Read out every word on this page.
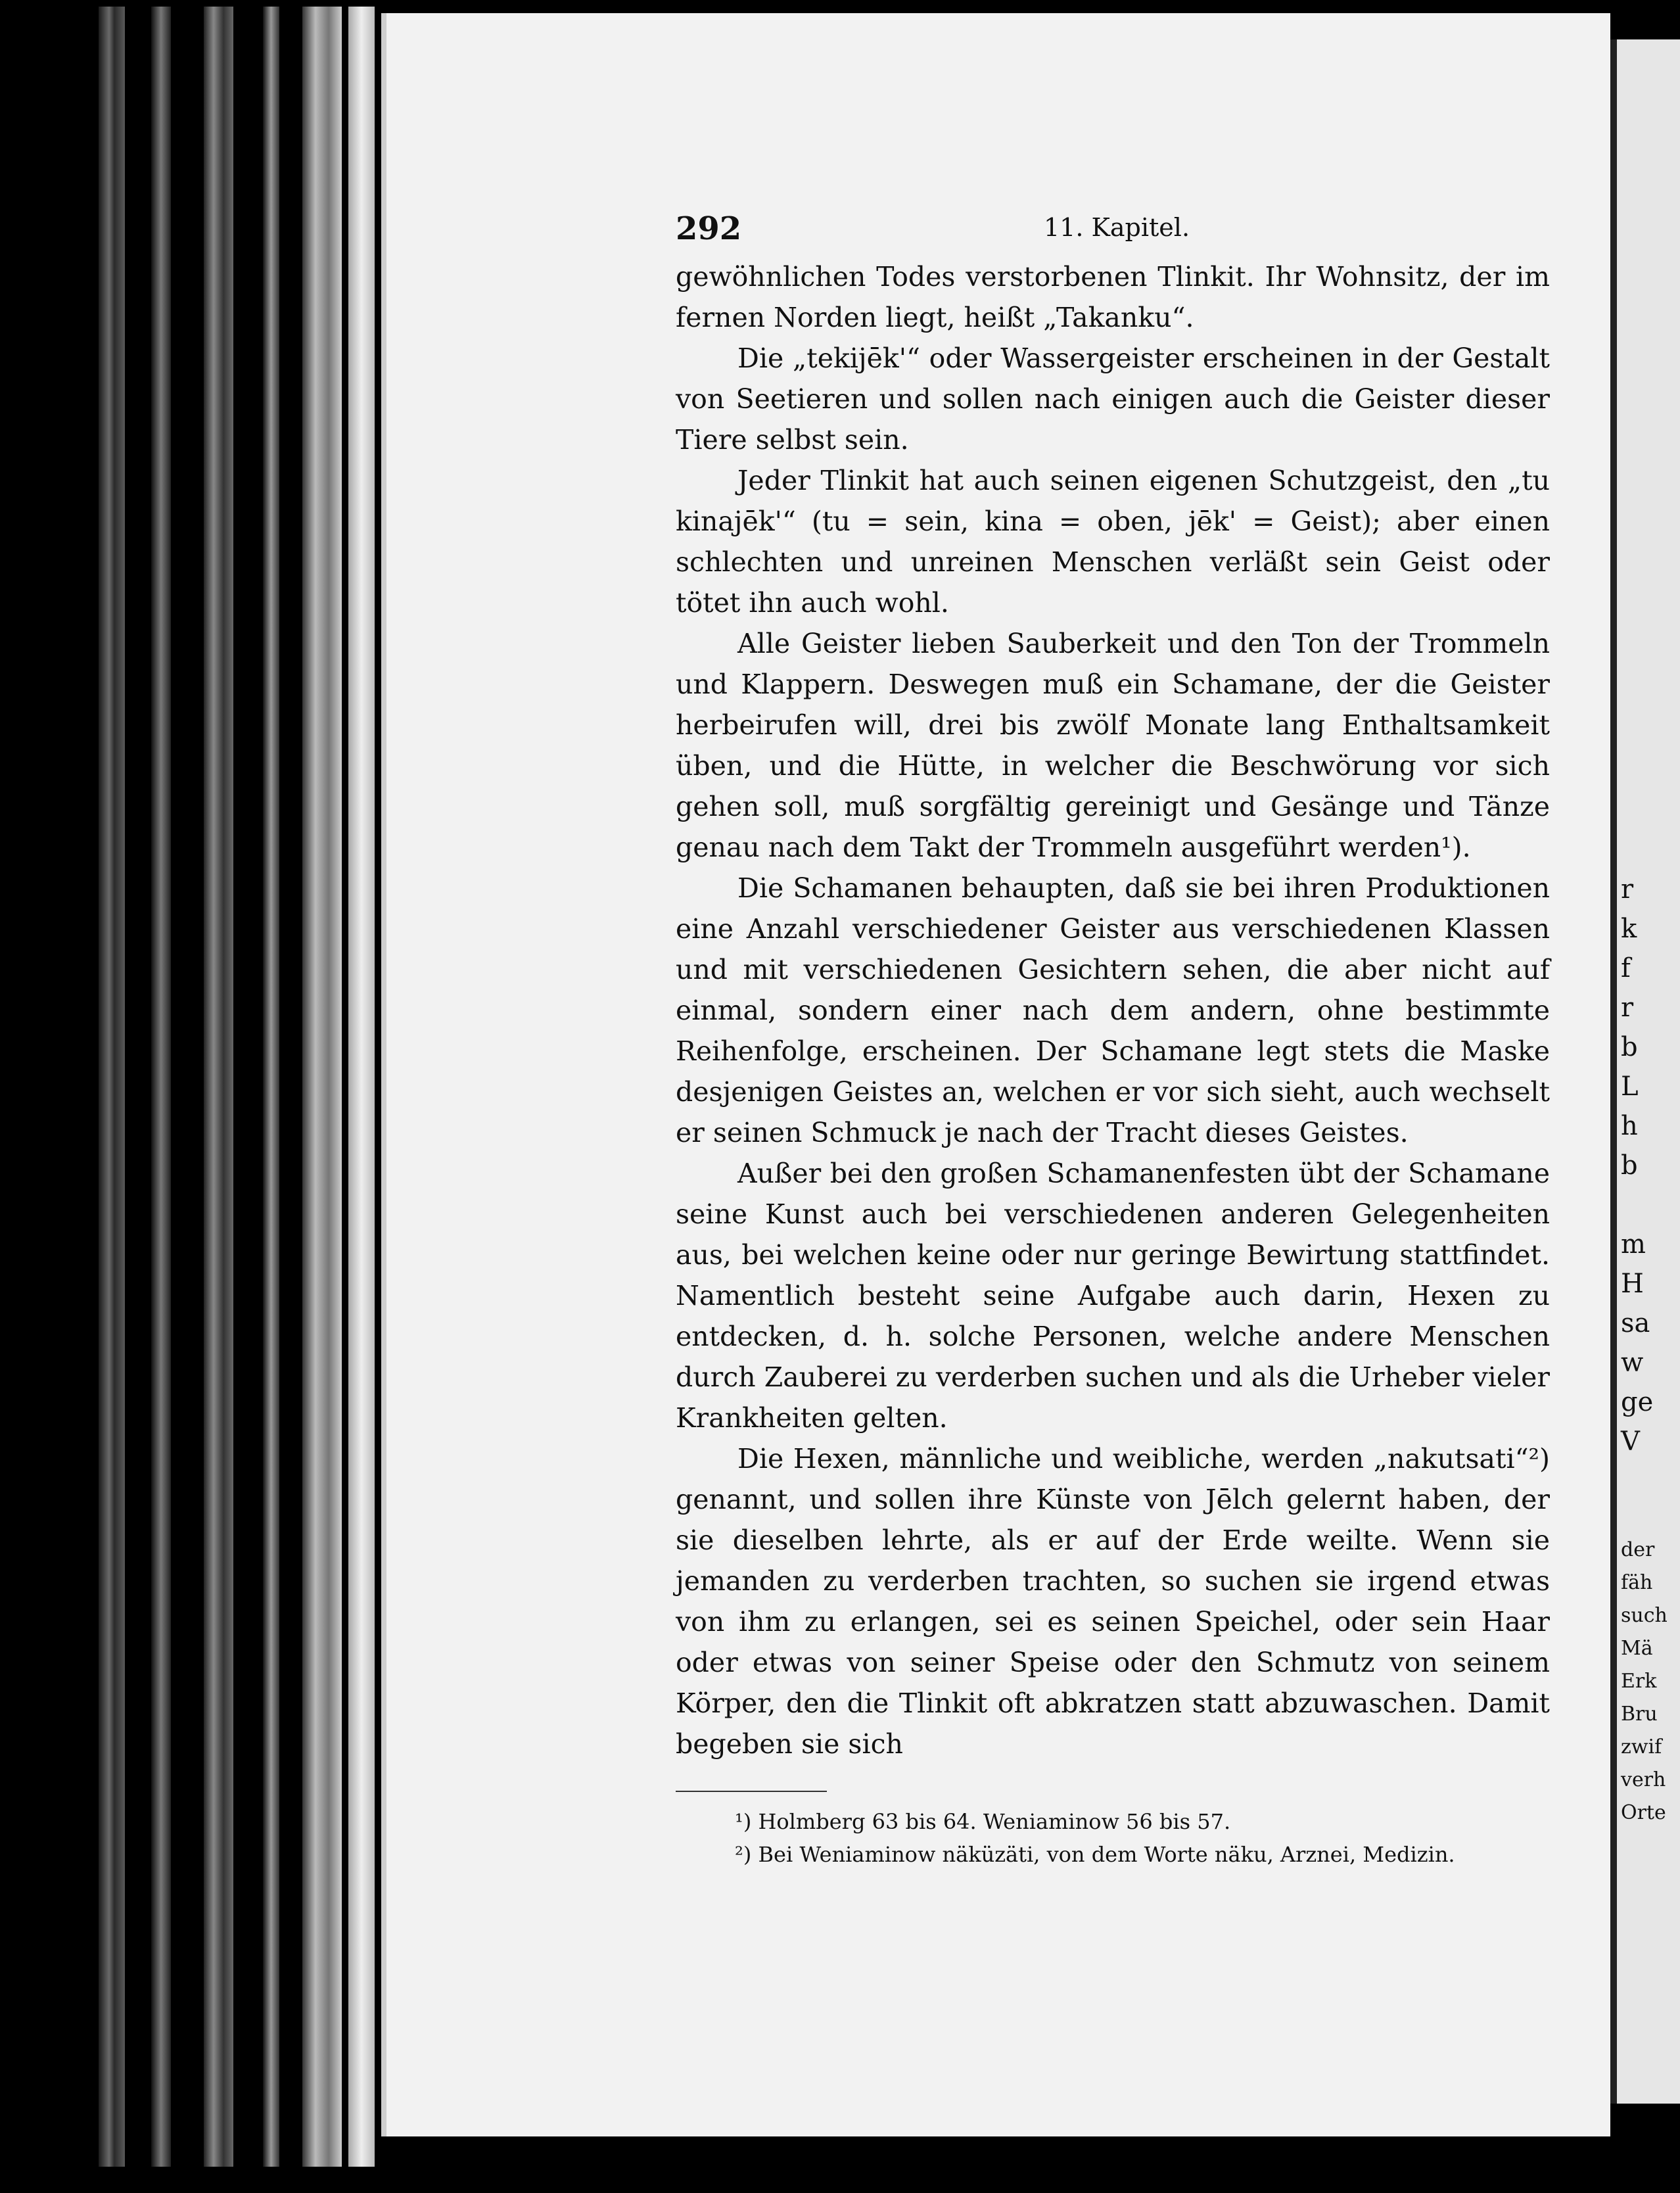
292	11. Kapitel.

gewöhnlichen Todes verstorbenen Tlinkit. Ihr Wohnsitz, der im fernen Norden liegt, heißt „Takanku“.

Die „tekijēk'“ oder Wassergeister erscheinen in der Gestalt von Seetieren und sollen nach einigen auch die Geister dieser Tiere selbst sein.

Jeder Tlinkit hat auch seinen eigenen Schutzgeist, den „tu kinajēk'“ (tu = sein, kina = oben, jēk' = Geist); aber einen schlechten und unreinen Menschen verläßt sein Geist oder tötet ihn auch wohl.

Alle Geister lieben Sauberkeit und den Ton der Trommeln und Klappern. Deswegen muß ein Schamane, der die Geister herbeirufen will, drei bis zwölf Monate lang Enthaltsamkeit üben, und die Hütte, in welcher die Beschwörung vor sich gehen soll, muß sorgfältig gereinigt und Gesänge und Tänze genau nach dem Takt der Trommeln ausgeführt werden¹).

Die Schamanen behaupten, daß sie bei ihren Produktionen eine Anzahl verschiedener Geister aus verschiedenen Klassen und mit verschiedenen Gesichtern sehen, die aber nicht auf einmal, sondern einer nach dem andern, ohne bestimmte Reihenfolge, erscheinen. Der Schamane legt stets die Maske desjenigen Geistes an, welchen er vor sich sieht, auch wechselt er seinen Schmuck je nach der Tracht dieses Geistes.

Außer bei den großen Schamanenfesten übt der Schamane seine Kunst auch bei verschiedenen anderen Gelegenheiten aus, bei welchen keine oder nur geringe Bewirtung stattfindet. Namentlich besteht seine Aufgabe auch darin, Hexen zu entdecken, d. h. solche Personen, welche andere Menschen durch Zauberei zu verderben suchen und als die Urheber vieler Krankheiten gelten.

Die Hexen, männliche und weibliche, werden „nakutsati“²) genannt, und sollen ihre Künste von Jēlch gelernt haben, der sie dieselben lehrte, als er auf der Erde weilte. Wenn sie jemanden zu verderben trachten, so suchen sie irgend etwas von ihm zu erlangen, sei es seinen Speichel, oder sein Haar oder etwas von seiner Speise oder den Schmutz von seinem Körper, den die Tlinkit oft abkratzen statt abzuwaschen. Damit begeben sie sich

¹) Holmberg 63 bis 64. Weniaminow 56 bis 57.

²) Bei Weniaminow näküzäti, von dem Worte näku, Arznei, Medizin.

r
k
f
r
b
L
h
b
m
H
sa
w
ge
V
der
fäh
such
Mä
Erk
Bru
zwif
verh
Orte
